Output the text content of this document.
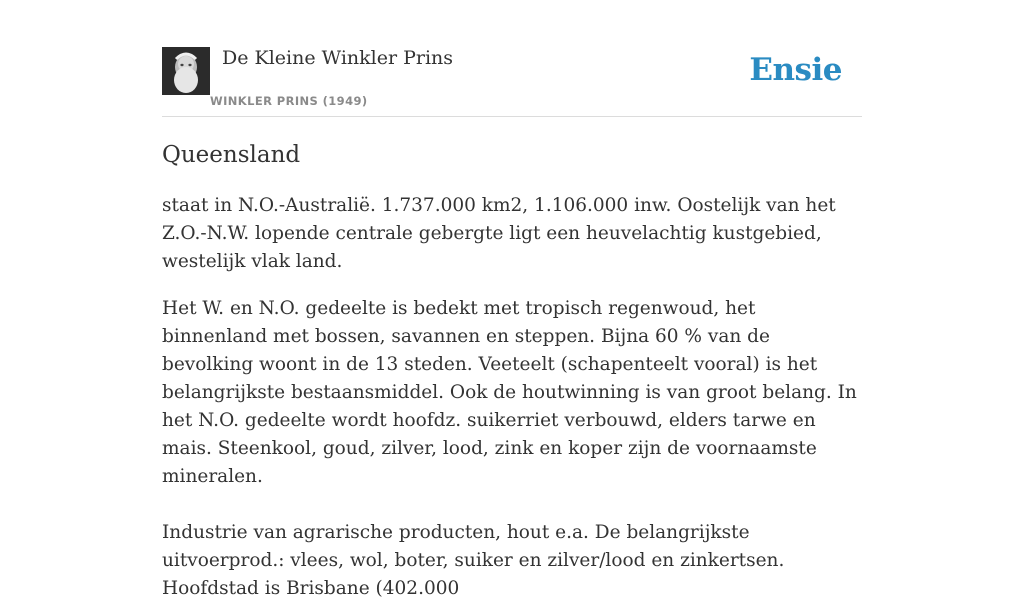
De Kleine Winkler Prins
WINKLER PRINS (1949)
Ensie
Queensland

staat in N.O.-Australië. 1.737.000 km2, 1.106.000 inw. Oostelijk van het Z.O.-N.W. lopende centrale gebergte ligt een heuvelachtig kustgebied, westelijk vlak land.

Het W. en N.O. gedeelte is bedekt met tropisch regenwoud, het binnenland met bossen, savannen en steppen. Bijna 60 % van de bevolking woont in de 13 steden. Veeteelt (schapenteelt vooral) is het belangrijkste bestaansmiddel. Ook de houtwinning is van groot belang. In het N.O. gedeelte wordt hoofdz. suikerriet verbouwd, elders tarwe en mais. Steenkool, goud, zilver, lood, zink en koper zijn de voornaamste mineralen.

Industrie van agrarische producten, hout e.a. De belangrijkste uitvoerprod.: vlees, wol, boter, suiker en zilver/lood en zinkertsen. Hoofdstad is Brisbane (402.000
